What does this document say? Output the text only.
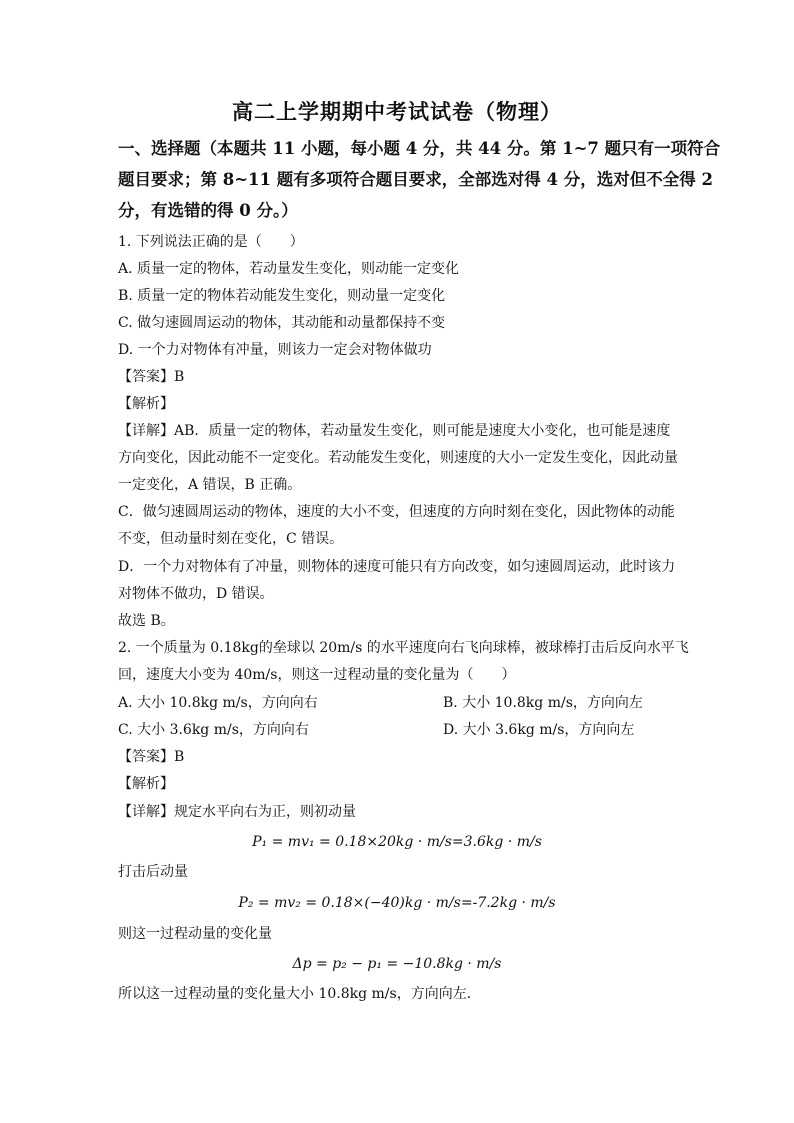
高二上学期期中考试试卷（物理）
一、选择题（本题共 11 小题，每小题 4 分，共 44 分。第 1~7 题只有一项符合
题目要求；第 8~11 题有多项符合题目要求，全部选对得 4 分，选对但不全得 2
分，有选错的得 0 分。）
1. 下列说法正确的是（　　）
A. 质量一定的物体，若动量发生变化，则动能一定变化
B. 质量一定的物体若动能发生变化，则动量一定变化
C. 做匀速圆周运动的物体，其动能和动量都保持不变
D. 一个力对物体有冲量，则该力一定会对物体做功
【答案】B
【解析】
【详解】AB．质量一定的物体，若动量发生变化，则可能是速度大小变化，也可能是速度
方向变化，因此动能不一定变化。若动能发生变化，则速度的大小一定发生变化，因此动量
一定变化，A 错误，B 正确。
C．做匀速圆周运动的物体，速度的大小不变，但速度的方向时刻在变化，因此物体的动能
不变，但动量时刻在变化，C 错误。
D．一个力对物体有了冲量，则物体的速度可能只有方向改变，如匀速圆周运动，此时该力
对物体不做功，D 错误。
故选 B。
2. 一个质量为 0.18kg的垒球以 20m/s 的水平速度向右飞向球棒，被球棒打击后反向水平飞
回，速度大小变为 40m/s，则这一过程动量的变化量为（　　）
A. 大小 10.8kg m/s，方向向右	B. 大小 10.8kg m/s，方向向左
C. 大小 3.6kg m/s，方向向右	D. 大小 3.6kg m/s，方向向左
【答案】B
【解析】
【详解】规定水平向右为正，则初动量
P₁ = mv₁ = 0.18×20kg · m/s=3.6kg · m/s
打击后动量
P₂ = mv₂ = 0.18×(−40)kg · m/s=-7.2kg · m/s
则这一过程动量的变化量
Δp = p₂ − p₁ = −10.8kg · m/s
所以这一过程动量的变化量大小 10.8kg m/s，方向向左．
